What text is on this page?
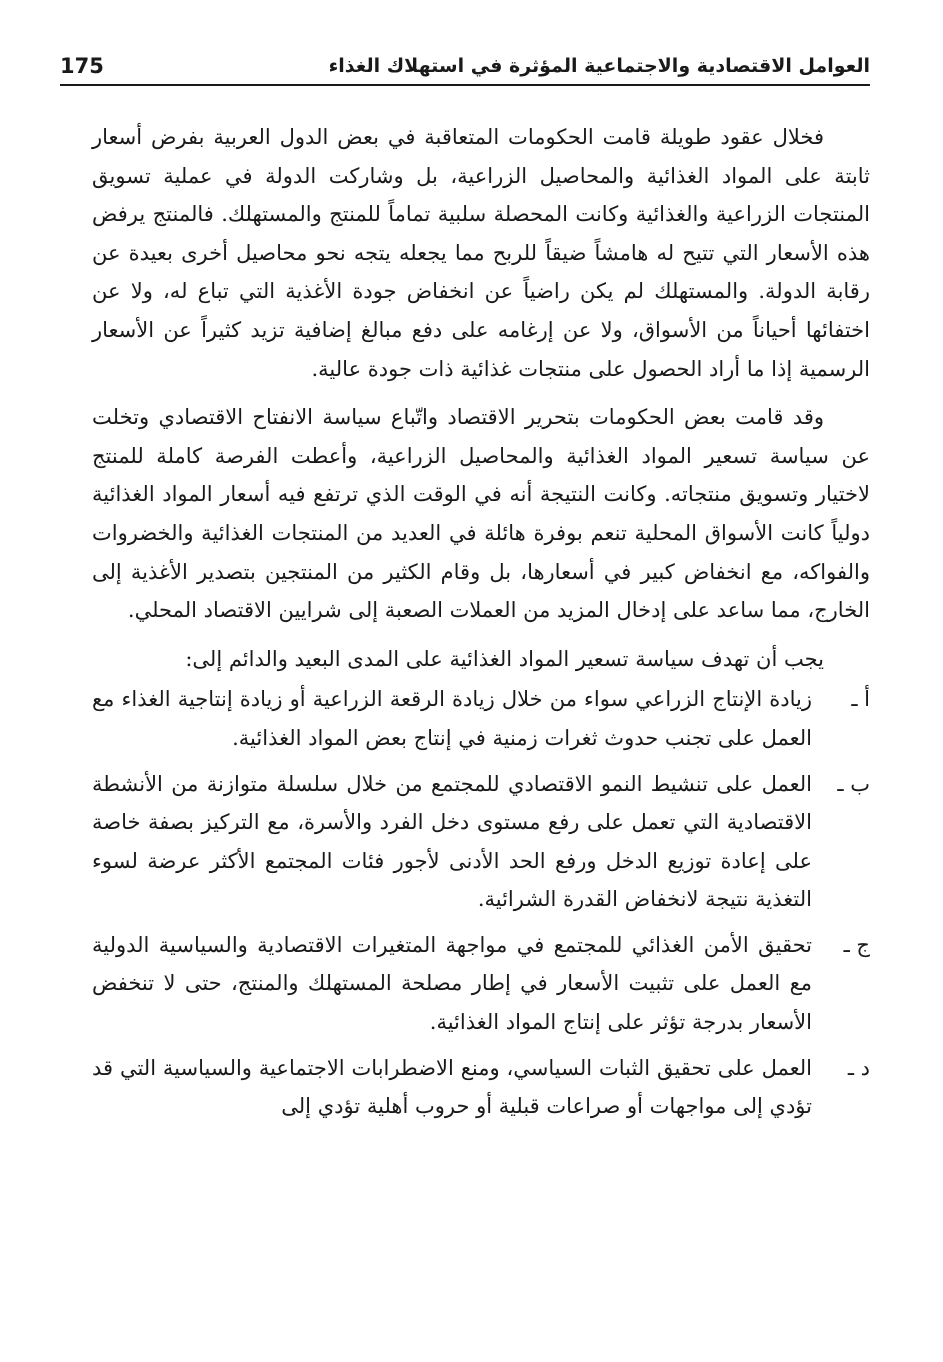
العوامل الاقتصادية والاجتماعية المؤثرة في استهلاك الغذاء
175

فخلال عقود طويلة قامت الحكومات المتعاقبة في بعض الدول العربية بفرض أسعار ثابتة على المواد الغذائية والمحاصيل الزراعية، بل وشاركت الدولة في عملية تسويق المنتجات الزراعية والغذائية وكانت المحصلة سلبية تماماً للمنتج والمستهلك. فالمنتج يرفض هذه الأسعار التي تتيح له هامشاً ضيقاً للربح مما يجعله يتجه نحو محاصيل أخرى بعيدة عن رقابة الدولة. والمستهلك لم يكن راضياً عن انخفاض جودة الأغذية التي تباع له، ولا عن اختفائها أحياناً من الأسواق، ولا عن إرغامه على دفع مبالغ إضافية تزيد كثيراً عن الأسعار الرسمية إذا ما أراد الحصول على منتجات غذائية ذات جودة عالية.

وقد قامت بعض الحكومات بتحرير الاقتصاد واتّباع سياسة الانفتاح الاقتصادي وتخلت عن سياسة تسعير المواد الغذائية والمحاصيل الزراعية، وأعطت الفرصة كاملة للمنتج لاختيار وتسويق منتجاته. وكانت النتيجة أنه في الوقت الذي ترتفع فيه أسعار المواد الغذائية دولياً كانت الأسواق المحلية تنعم بوفرة هائلة في العديد من المنتجات الغذائية والخضروات والفواكه، مع انخفاض كبير في أسعارها، بل وقام الكثير من المنتجين بتصدير الأغذية إلى الخارج، مما ساعد على إدخال المزيد من العملات الصعبة إلى شرايين الاقتصاد المحلي.

يجب أن تهدف سياسة تسعير المواد الغذائية على المدى البعيد والدائم إلى:

أ ـ
زيادة الإنتاج الزراعي سواء من خلال زيادة الرقعة الزراعية أو زيادة إنتاجية الغذاء مع العمل على تجنب حدوث ثغرات زمنية في إنتاج بعض المواد الغذائية.
ب ـ
العمل على تنشيط النمو الاقتصادي للمجتمع من خلال سلسلة متوازنة من الأنشطة الاقتصادية التي تعمل على رفع مستوى دخل الفرد والأسرة، مع التركيز بصفة خاصة على إعادة توزيع الدخل ورفع الحد الأدنى لأجور فئات المجتمع الأكثر عرضة لسوء التغذية نتيجة لانخفاض القدرة الشرائية.
ج ـ
تحقيق الأمن الغذائي للمجتمع في مواجهة المتغيرات الاقتصادية والسياسية الدولية مع العمل على تثبيت الأسعار في إطار مصلحة المستهلك والمنتج، حتى لا تنخفض الأسعار بدرجة تؤثر على إنتاج المواد الغذائية.
د ـ
العمل على تحقيق الثبات السياسي، ومنع الاضطرابات الاجتماعية والسياسية التي قد تؤدي إلى مواجهات أو صراعات قبلية أو حروب أهلية تؤدي إلى
